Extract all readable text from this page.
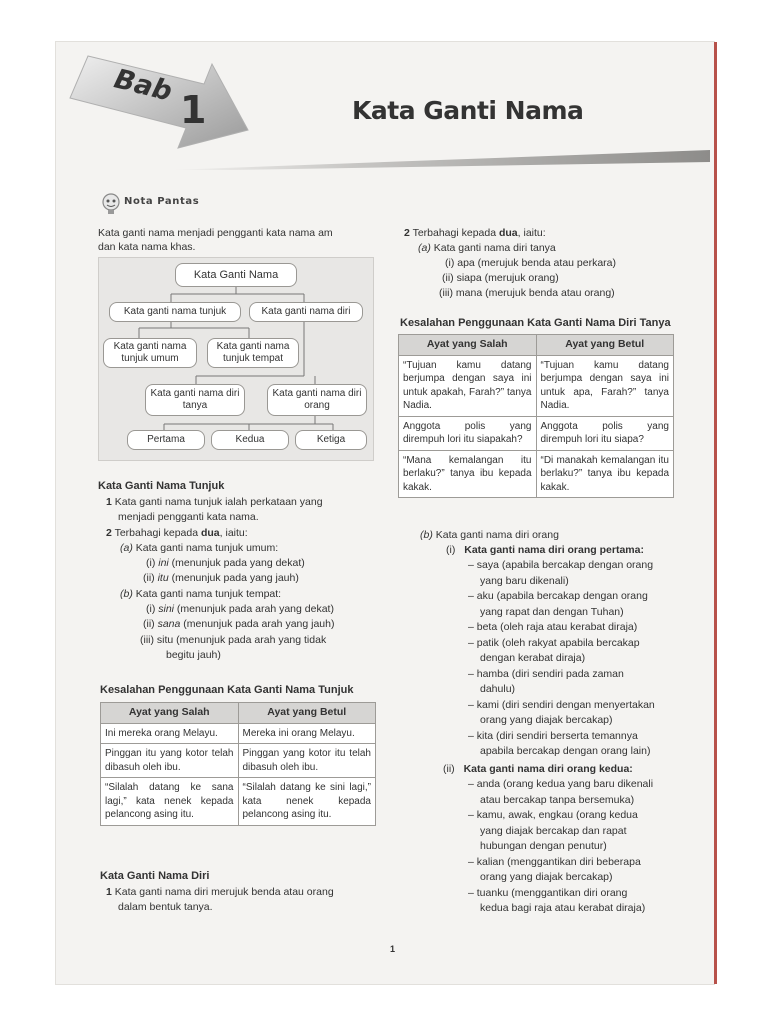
Bab
1	Kata Ganti Nama
Nota Pantas
Kata ganti nama menjadi pengganti kata nama am
dan kata nama khas.
Kata Ganti Nama
Kata ganti nama tunjuk	Kata ganti nama diri
Kata ganti nama tunjuk umum
Kata ganti nama tunjuk tempat
Kata ganti nama diri tanya
Kata ganti nama diri orang
Pertama	Kedua	Ketiga
Kata Ganti Nama Tunjuk
1 Kata ganti nama tunjuk ialah perkataan yang
menjadi pengganti kata nama.
2 Terbahagi kepada dua, iaitu:
(a) Kata ganti nama tunjuk umum:
(i) ini (menunjuk pada yang dekat)
(ii) itu (menunjuk pada yang jauh)
(b) Kata ganti nama tunjuk tempat:
(i) sini (menunjuk pada arah yang dekat)
(ii) sana (menunjuk pada arah yang jauh)
(iii) situ (menunjuk pada arah yang tidak
begitu jauh)
Kesalahan Penggunaan Kata Ganti Nama Tunjuk
Ayat yang Salah	Ayat yang Betul
Ini mereka orang Melayu.	Mereka ini orang Melayu.
Pinggan itu yang kotor telah dibasuh oleh ibu.	Pinggan yang kotor itu telah dibasuh oleh ibu.
“Silalah datang ke sana lagi,” kata nenek kepada pelancong asing itu.	“Silalah datang ke sini lagi,” kata nenek kepada pelancong asing itu.
Kata Ganti Nama Diri
1 Kata ganti nama diri merujuk benda atau orang
dalam bentuk tanya.
2 Terbahagi kepada dua, iaitu:
(a) Kata ganti nama diri tanya
(i) apa (merujuk benda atau perkara)
(ii) siapa (merujuk orang)
(iii) mana (merujuk benda atau orang)
Kesalahan Penggunaan Kata Ganti Nama Diri Tanya
Ayat yang Salah	Ayat yang Betul
“Tujuan kamu datang berjumpa dengan saya ini untuk apakah, Farah?” tanya Nadia.	“Tujuan kamu datang berjumpa dengan saya ini untuk apa, Farah?” tanya Nadia.
Anggota polis yang dirempuh lori itu siapakah?	Anggota polis yang dirempuh lori itu siapa?
“Mana kemalangan itu berlaku?” tanya ibu kepada kakak.	“Di manakah kemalangan itu berlaku?” tanya ibu kepada kakak.
(b) Kata ganti nama diri orang
(i) Kata ganti nama diri orang pertama:
– saya (apabila bercakap dengan orang
yang baru dikenali)
– aku (apabila bercakap dengan orang
yang rapat dan dengan Tuhan)
– beta (oleh raja atau kerabat diraja)
– patik (oleh rakyat apabila bercakap
dengan kerabat diraja)
– hamba (diri sendiri pada zaman
dahulu)
– kami (diri sendiri dengan menyertakan
orang yang diajak bercakap)
– kita (diri sendiri berserta temannya
apabila bercakap dengan orang lain)
(ii) Kata ganti nama diri orang kedua:
– anda (orang kedua yang baru dikenali
atau bercakap tanpa bersemuka)
– kamu, awak, engkau (orang kedua
yang diajak bercakap dan rapat
hubungan dengan penutur)
– kalian (menggantikan diri beberapa
orang yang diajak bercakap)
– tuanku (menggantikan diri orang
kedua bagi raja atau kerabat diraja)
1
